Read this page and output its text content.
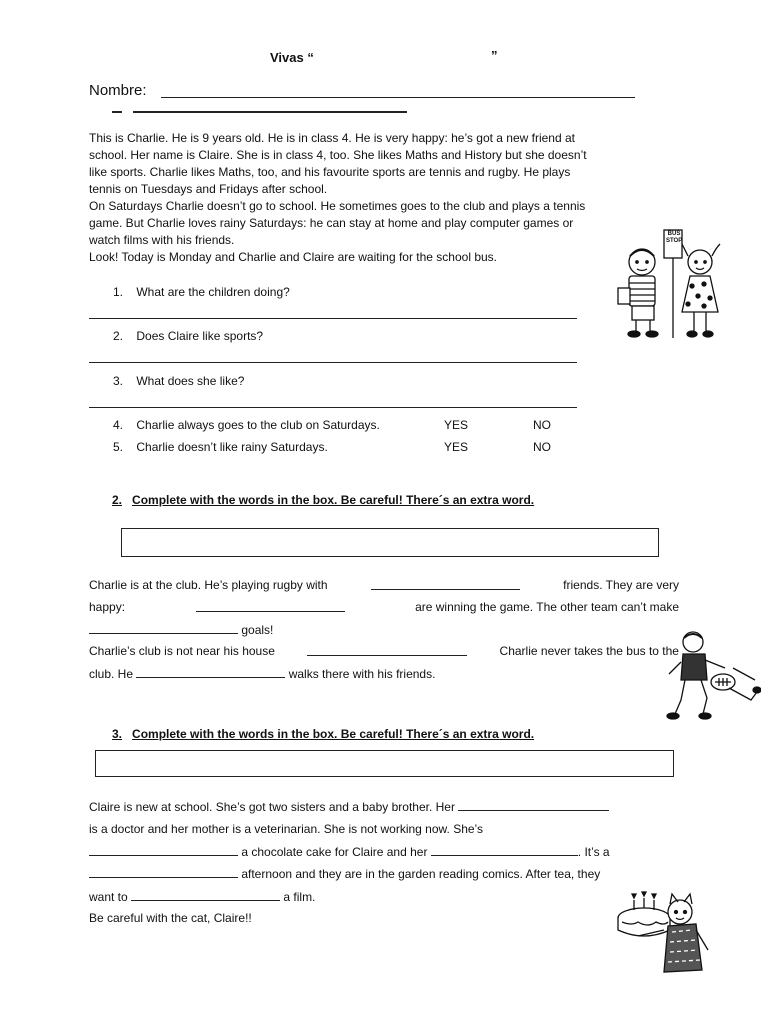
Vivas “	”
Nombre:
This is Charlie. He is 9 years old. He is in class 4. He is very happy: he’s got a new friend at
school. Her name is Claire. She is in class 4, too. She likes Maths and History but she doesn’t
like sports. Charlie likes Maths, too, and his favourite sports are tennis and rugby. He plays
tennis on Tuesdays and Fridays after school.
On Saturdays Charlie doesn’t go to school. He sometimes goes to the club and plays a tennis
game. But Charlie loves rainy Saturdays: he can stay at home and play computer games or
watch films with his friends.
Look! Today is Monday and Charlie and Claire are waiting for the school bus.
BUS
STOP
1. What are the children doing?
2. Does Claire like sports?
3. What does she like?
4. Charlie always goes to the club on Saturdays.	YES	NO
5. Charlie doesn’t like rainy Saturdays.	YES	NO
2. Complete with the words in the box. Be careful! There´s an extra word.
Charlie is at the club. He’s playing rugby with	friends. They are very
happy:	are winning the game. The other team can’t make
goals!
Charlie’s club is not near his house	Charlie never takes the bus to the
club. He	walks there with his friends.
3. Complete with the words in the box. Be careful! There´s an extra word.
Claire is new at school. She’s got two sisters and a baby brother. Her
is a doctor and her mother is a veterinarian. She is not working now. She’s
a chocolate cake for Claire and her	. It’s a
afternoon and they are in the garden reading comics. After tea, they
want to	a film.
Be careful with the cat, Claire!!
